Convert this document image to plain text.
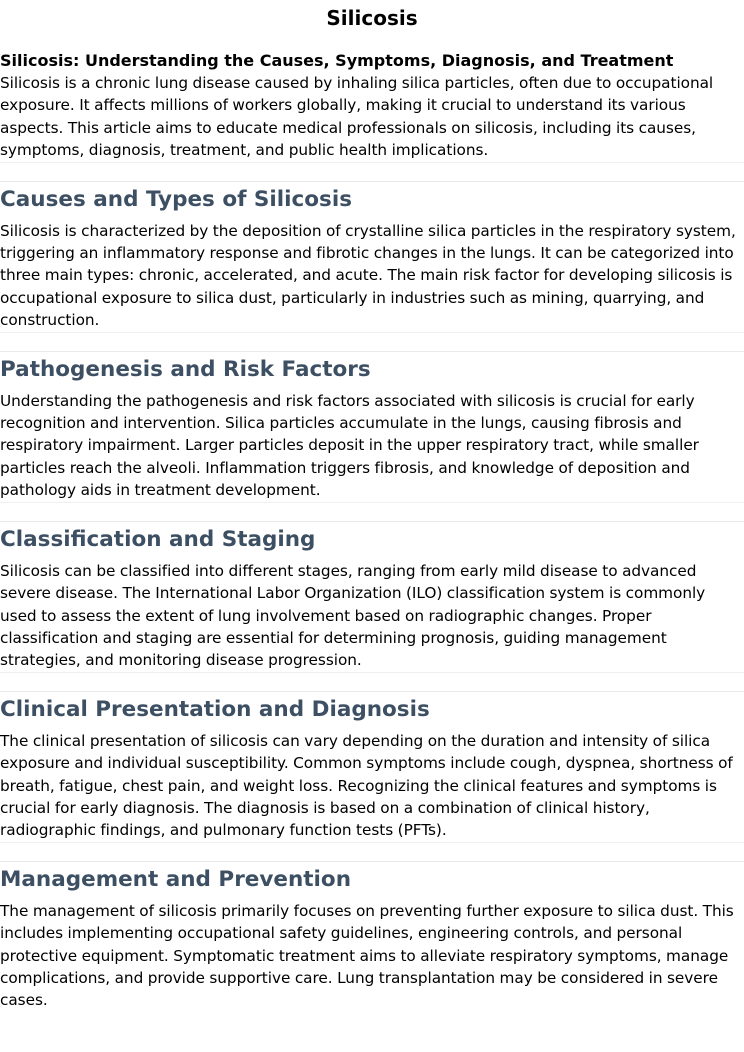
Silicosis
Silicosis: Understanding the Causes, Symptoms, Diagnosis, and Treatment

Silicosis is a chronic lung disease caused by inhaling silica particles, often due to occupational exposure. It affects millions of workers globally, making it crucial to understand its various aspects. This article aims to educate medical professionals on silicosis, including its causes, symptoms, diagnosis, treatment, and public health implications.

Causes and Types of Silicosis

Silicosis is characterized by the deposition of crystalline silica particles in the respiratory system, triggering an inflammatory response and fibrotic changes in the lungs. It can be categorized into three main types: chronic, accelerated, and acute. The main risk factor for developing silicosis is occupational exposure to silica dust, particularly in industries such as mining, quarrying, and construction.

Pathogenesis and Risk Factors

Understanding the pathogenesis and risk factors associated with silicosis is crucial for early recognition and intervention. Silica particles accumulate in the lungs, causing fibrosis and respiratory impairment. Larger particles deposit in the upper respiratory tract, while smaller particles reach the alveoli. Inflammation triggers fibrosis, and knowledge of deposition and pathology aids in treatment development.

Classification and Staging

Silicosis can be classified into different stages, ranging from early mild disease to advanced severe disease. The International Labor Organization (ILO) classification system is commonly used to assess the extent of lung involvement based on radiographic changes. Proper classification and staging are essential for determining prognosis, guiding management strategies, and monitoring disease progression.

Clinical Presentation and Diagnosis

The clinical presentation of silicosis can vary depending on the duration and intensity of silica exposure and individual susceptibility. Common symptoms include cough, dyspnea, shortness of breath, fatigue, chest pain, and weight loss. Recognizing the clinical features and symptoms is crucial for early diagnosis. The diagnosis is based on a combination of clinical history, radiographic findings, and pulmonary function tests (PFTs).

Management and Prevention

The management of silicosis primarily focuses on preventing further exposure to silica dust. This includes implementing occupational safety guidelines, engineering controls, and personal protective equipment. Symptomatic treatment aims to alleviate respiratory symptoms, manage complications, and provide supportive care. Lung transplantation may be considered in severe cases.
